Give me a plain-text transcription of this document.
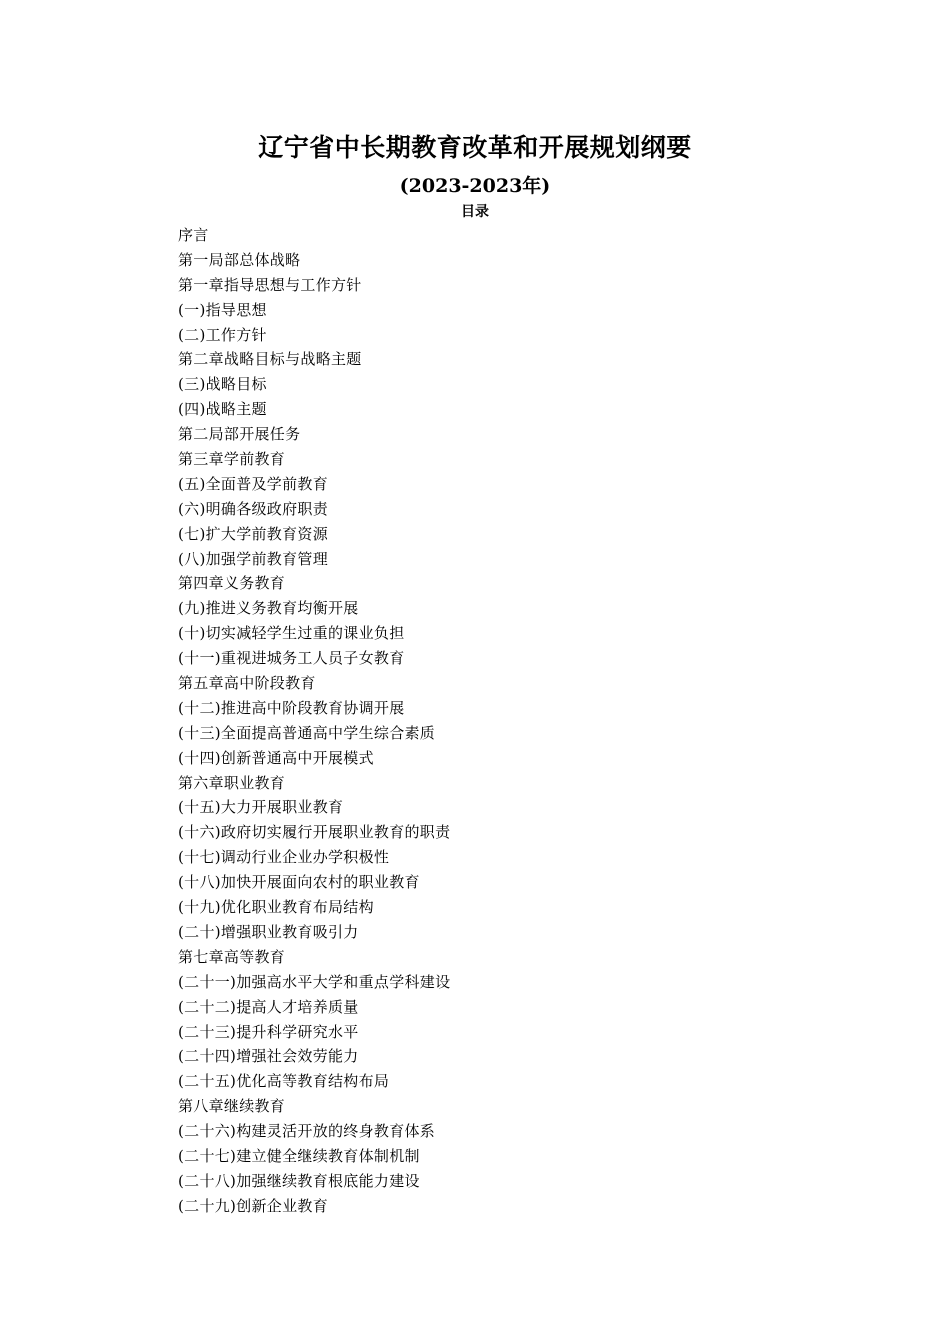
辽宁省中长期教育改革和开展规划纲要
(2023-2023年)
目录
序言
第一局部总体战略
第一章指导思想与工作方针
(一)指导思想
(二)工作方针
第二章战略目标与战略主题
(三)战略目标
(四)战略主题
第二局部开展任务
第三章学前教育
(五)全面普及学前教育
(六)明确各级政府职责
(七)扩大学前教育资源
(八)加强学前教育管理
第四章义务教育
(九)推进义务教育均衡开展
(十)切实减轻学生过重的课业负担
(十一)重视进城务工人员子女教育
第五章高中阶段教育
(十二)推进高中阶段教育协调开展
(十三)全面提高普通高中学生综合素质
(十四)创新普通高中开展模式
第六章职业教育
(十五)大力开展职业教育
(十六)政府切实履行开展职业教育的职责
(十七)调动行业企业办学积极性
(十八)加快开展面向农村的职业教育
(十九)优化职业教育布局结构
(二十)增强职业教育吸引力
第七章高等教育
(二十一)加强高水平大学和重点学科建设
(二十二)提高人才培养质量
(二十三)提升科学研究水平
(二十四)增强社会效劳能力
(二十五)优化高等教育结构布局
第八章继续教育
(二十六)构建灵活开放的终身教育体系
(二十七)建立健全继续教育体制机制
(二十八)加强继续教育根底能力建设
(二十九)创新企业教育
